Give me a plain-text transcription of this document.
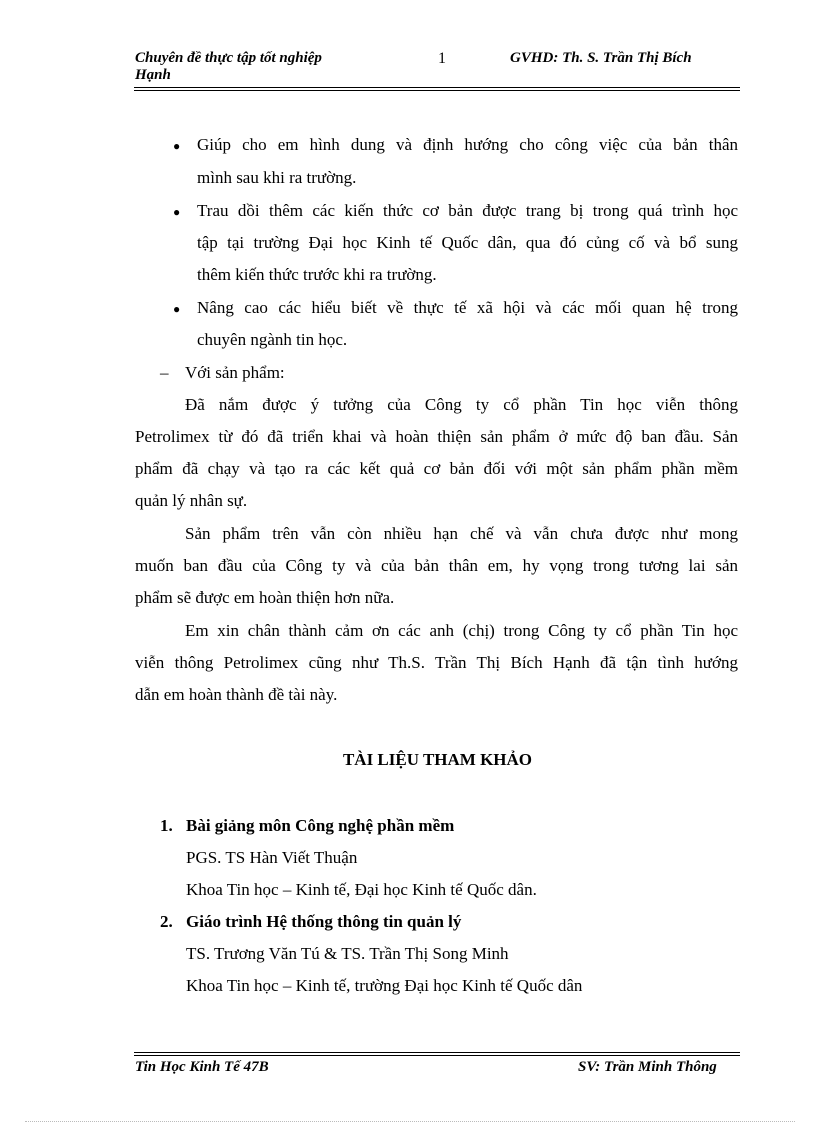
Chuyên đề thực tập tốt nghiệp
Hạnh
1	GVHD: Th. S. Trần Thị Bích
● Giúp cho em hình dung và định hướng cho công việc của bản thân
mình sau khi ra trường.
● Trau dồi thêm các kiến thức cơ bản được trang bị trong quá trình học
tập tại trường Đại học Kinh tế Quốc dân, qua đó củng cố và bổ sung
thêm kiến thức trước khi ra trường.
● Nâng cao các hiểu biết về thực tế xã hội và các mối quan hệ trong
chuyên ngành tin học.
– Với sản phẩm:
Đã nắm được ý tưởng của Công ty cổ phần Tin học viễn thông
Petrolimex từ đó đã triển khai và hoàn thiện sản phẩm ở mức độ ban đầu. Sản
phẩm đã chạy và tạo ra các kết quả cơ bản đối với một sản phẩm phần mềm
quản lý nhân sự.
Sản phẩm trên vẫn còn nhiều hạn chế và vẫn chưa được như mong
muốn ban đầu của Công ty và của bản thân em, hy vọng trong tương lai sản
phẩm sẽ được em hoàn thiện hơn nữa.
Em xin chân thành cảm ơn các anh (chị) trong Công ty cổ phần Tin học
viễn thông Petrolimex cũng như Th.S. Trần Thị Bích Hạnh đã tận tình hướng
dẫn em hoàn thành đề tài này.
TÀI LIỆU THAM KHẢO
1. Bài giảng môn Công nghệ phần mềm
PGS. TS Hàn Viết Thuận
Khoa Tin học – Kinh tế, Đại học Kinh tế Quốc dân.
2. Giáo trình Hệ thống thông tin quản lý
TS. Trương Văn Tú & TS. Trần Thị Song Minh
Khoa Tin học – Kinh tế, trường Đại học Kinh tế Quốc dân
Tin Học Kinh Tế 47B	SV: Trần Minh Thông
